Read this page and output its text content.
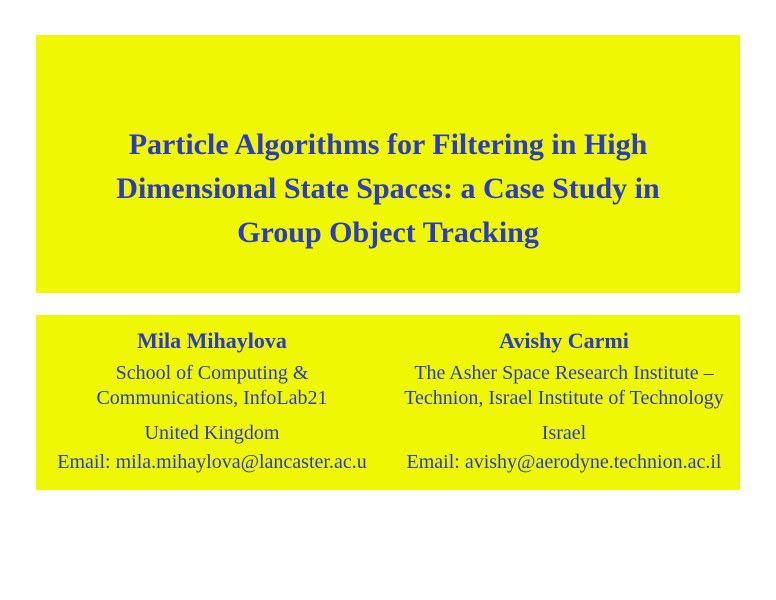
Particle Algorithms for Filtering in High
Dimensional State Spaces: a Case Study in
Group Object Tracking
Mila Mihaylova
School of Computing &
Communications, InfoLab21
United Kingdom
Email: mila.mihaylova@lancaster.ac.u
Avishy Carmi
The Asher Space Research Institute –
Technion, Israel Institute of Technology
Israel
Email: avishy@aerodyne.technion.ac.il
